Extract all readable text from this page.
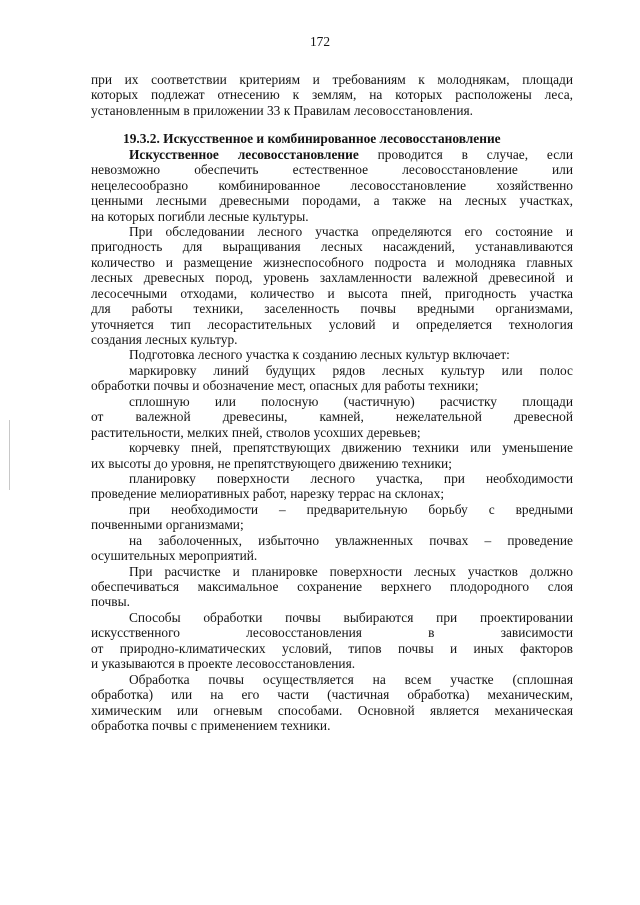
172
при их соответствии критериям и требованиям к молоднякам, площади
которых подлежат отнесению к землям, на которых расположены леса,
установленным в приложении 33 к Правилам лесовосстановления.
19.3.2. Искусственное и комбинированное лесовосстановление
Искусственное лесовосстановление проводится в случае, если
невозможно обеспечить естественное лесовосстановление или
нецелесообразно комбинированное лесовосстановление хозяйственно
ценными лесными древесными породами, а также на лесных участках,
на которых погибли лесные культуры.
При обследовании лесного участка определяются его состояние и
пригодность для выращивания лесных насаждений, устанавливаются
количество и размещение жизнеспособного подроста и молодняка главных
лесных древесных пород, уровень захламленности валежной древесиной и
лесосечными отходами, количество и высота пней, пригодность участка
для работы техники, заселенность почвы вредными организмами,
уточняется тип лесорастительных условий и определяется технология
создания лесных культур.
Подготовка лесного участка к созданию лесных культур включает:
маркировку линий будущих рядов лесных культур или полос
обработки почвы и обозначение мест, опасных для работы техники;
сплошную или полосную (частичную) расчистку площади
от валежной древесины, камней, нежелательной древесной
растительности, мелких пней, стволов усохших деревьев;
корчевку пней, препятствующих движению техники или уменьшение
их высоты до уровня, не препятствующего движению техники;
планировку поверхности лесного участка, при необходимости
проведение мелиоративных работ, нарезку террас на склонах;
при необходимости – предварительную борьбу с вредными
почвенными организмами;
на заболоченных, избыточно увлажненных почвах – проведение
осушительных мероприятий.
При расчистке и планировке поверхности лесных участков должно
обеспечиваться максимальное сохранение верхнего плодородного слоя
почвы.
Способы обработки почвы выбираются при проектировании
искусственного лесовосстановления в зависимости
от природно-климатических условий, типов почвы и иных факторов
и указываются в проекте лесовосстановления.
Обработка почвы осуществляется на всем участке (сплошная
обработка) или на его части (частичная обработка) механическим,
химическим или огневым способами. Основной является механическая
обработка почвы с применением техники.
